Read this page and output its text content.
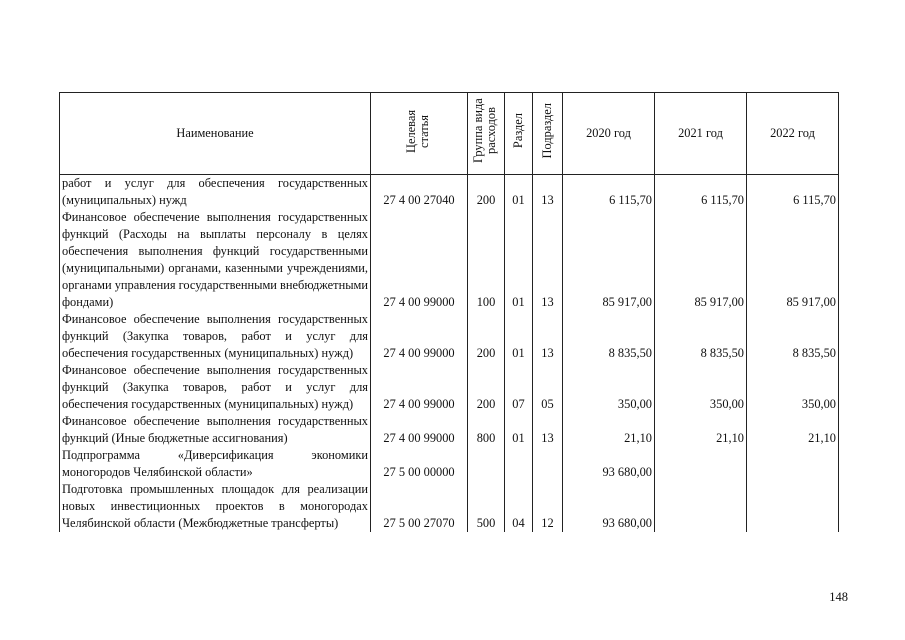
Наименование	Целевая статья	Группа вида расходов	Раздел	Подраздел	2020 год	2021 год	2022 год
работ и услуг для обеспечения государственных (муниципальных) нужд	27 4 00 27040	200	01	13	6 115,70	6 115,70	6 115,70
Финансовое обеспечение выполнения государственных функций (Расходы на выплаты персоналу в целях обеспечения выполнения функций государственными (муниципальными) органами, казенными учреждениями, органами управления государственными внебюджетными фондами)	27 4 00 99000	100	01	13	85 917,00	85 917,00	85 917,00
Финансовое обеспечение выполнения государственных функций (Закупка товаров, работ и услуг для обеспечения государственных (муниципальных) нужд)	27 4 00 99000	200	01	13	8 835,50	8 835,50	8 835,50
Финансовое обеспечение выполнения государственных функций (Закупка товаров, работ и услуг для обеспечения государственных (муниципальных) нужд)	27 4 00 99000	200	07	05	350,00	350,00	350,00
Финансовое обеспечение выполнения государственных функций (Иные бюджетные ассигнования)	27 4 00 99000	800	01	13	21,10	21,10	21,10
Подпрограмма «Диверсификация экономики моногородов Челябинской области»	27 5 00 00000				93 680,00		
Подготовка промышленных площадок для реализации новых инвестиционных проектов в моногородах Челябинской области (Межбюджетные трансферты)	27 5 00 27070	500	04	12	93 680,00		
148
